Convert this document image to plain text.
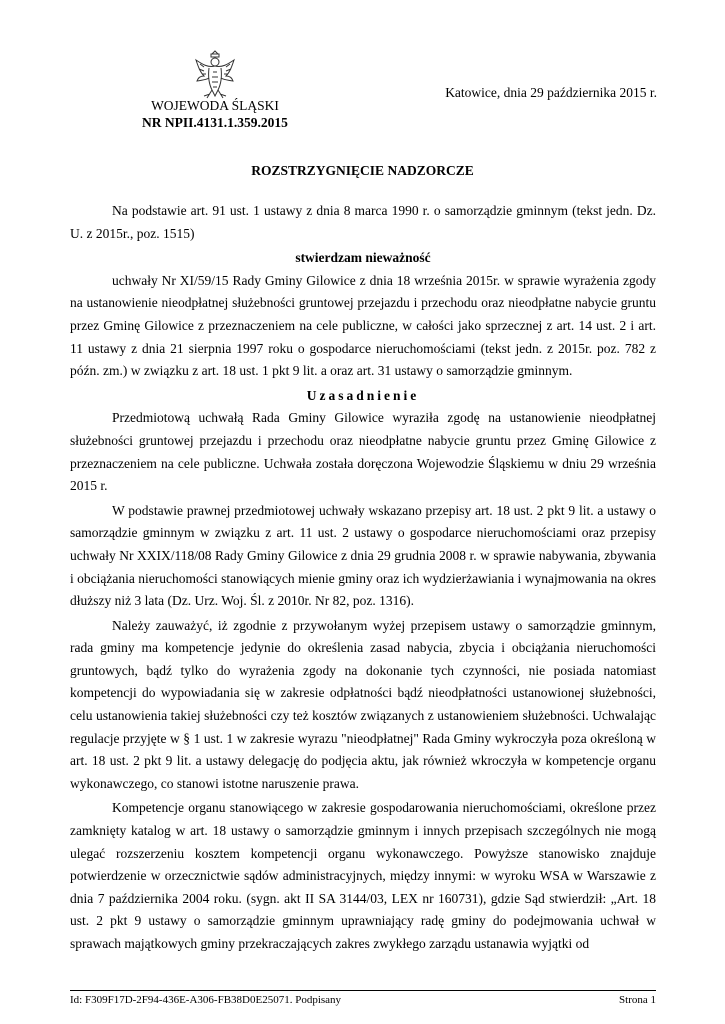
WOJEWODA ŚLĄSKI
NR NPII.4131.1.359.2015
Katowice, dnia 29 października 2015 r.
ROZSTRZYGNIĘCIE NADZORCZE

Na podstawie art. 91 ust. 1 ustawy z dnia 8 marca 1990 r. o samorządzie gminnym (tekst jedn. Dz. U. z 2015r., poz. 1515)

stwierdzam nieważność

uchwały Nr XI/59/15 Rady Gminy Gilowice z dnia 18 września 2015r. w sprawie wyrażenia zgody na ustanowienie nieodpłatnej służebności gruntowej przejazdu i przechodu oraz nieodpłatne nabycie gruntu przez Gminę Gilowice z przeznaczeniem na cele publiczne, w całości jako sprzecznej z art. 14 ust. 2 i art. 11 ustawy z dnia 21 sierpnia 1997 roku o gospodarce nieruchomościami (tekst jedn. z 2015r. poz. 782 z późn. zm.) w związku z art. 18 ust. 1 pkt 9 lit. a oraz art. 31 ustawy o samorządzie gminnym.

Uzasadnienie

Przedmiotową uchwałą Rada Gminy Gilowice wyraziła zgodę na ustanowienie nieodpłatnej służebności gruntowej przejazdu i przechodu oraz nieodpłatne nabycie gruntu przez Gminę Gilowice z przeznaczeniem na cele publiczne. Uchwała została doręczona Wojewodzie Śląskiemu w dniu 29 września 2015 r.

W podstawie prawnej przedmiotowej uchwały wskazano przepisy art. 18 ust. 2 pkt 9 lit. a ustawy o samorządzie gminnym w związku z art. 11 ust. 2 ustawy o gospodarce nieruchomościami oraz przepisy uchwały Nr XXIX/118/08 Rady Gminy Gilowice z dnia 29 grudnia 2008 r. w sprawie nabywania, zbywania i obciążania nieruchomości stanowiących mienie gminy oraz ich wydzierżawiania i wynajmowania na okres dłuższy niż 3 lata (Dz. Urz. Woj. Śl. z 2010r. Nr 82, poz. 1316).

Należy zauważyć, iż zgodnie z przywołanym wyżej przepisem ustawy o samorządzie gminnym, rada gminy ma kompetencje jedynie do określenia zasad nabycia, zbycia i obciążania nieruchomości gruntowych, bądź tylko do wyrażenia zgody na dokonanie tych czynności, nie posiada natomiast kompetencji do wypowiadania się w zakresie odpłatności bądź nieodpłatności ustanowionej służebności, celu ustanowienia takiej służebności czy też kosztów związanych z ustanowieniem służebności. Uchwalając regulacje przyjęte w § 1 ust. 1 w zakresie wyrazu "nieodpłatnej" Rada Gminy wykroczyła poza określoną w art. 18 ust. 2 pkt 9 lit. a ustawy delegację do podjęcia aktu, jak również wkroczyła w kompetencje organu wykonawczego, co stanowi istotne naruszenie prawa.

Kompetencje organu stanowiącego w zakresie gospodarowania nieruchomościami, określone przez zamknięty katalog w art. 18 ustawy o samorządzie gminnym i innych przepisach szczególnych nie mogą ulegać rozszerzeniu kosztem kompetencji organu wykonawczego. Powyższe stanowisko znajduje potwierdzenie w orzecznictwie sądów administracyjnych, między innymi: w wyroku WSA w Warszawie z dnia 7 października 2004 roku. (sygn. akt II SA 3144/03, LEX nr 160731), gdzie Sąd stwierdził: „Art. 18 ust. 2 pkt 9 ustawy o samorządzie gminnym uprawniający radę gminy do podejmowania uchwał w sprawach majątkowych gminy przekraczających zakres zwykłego zarządu ustanawia wyjątki od

Id: F309F17D-2F94-436E-A306-FB38D0E25071. Podpisany	Strona 1
